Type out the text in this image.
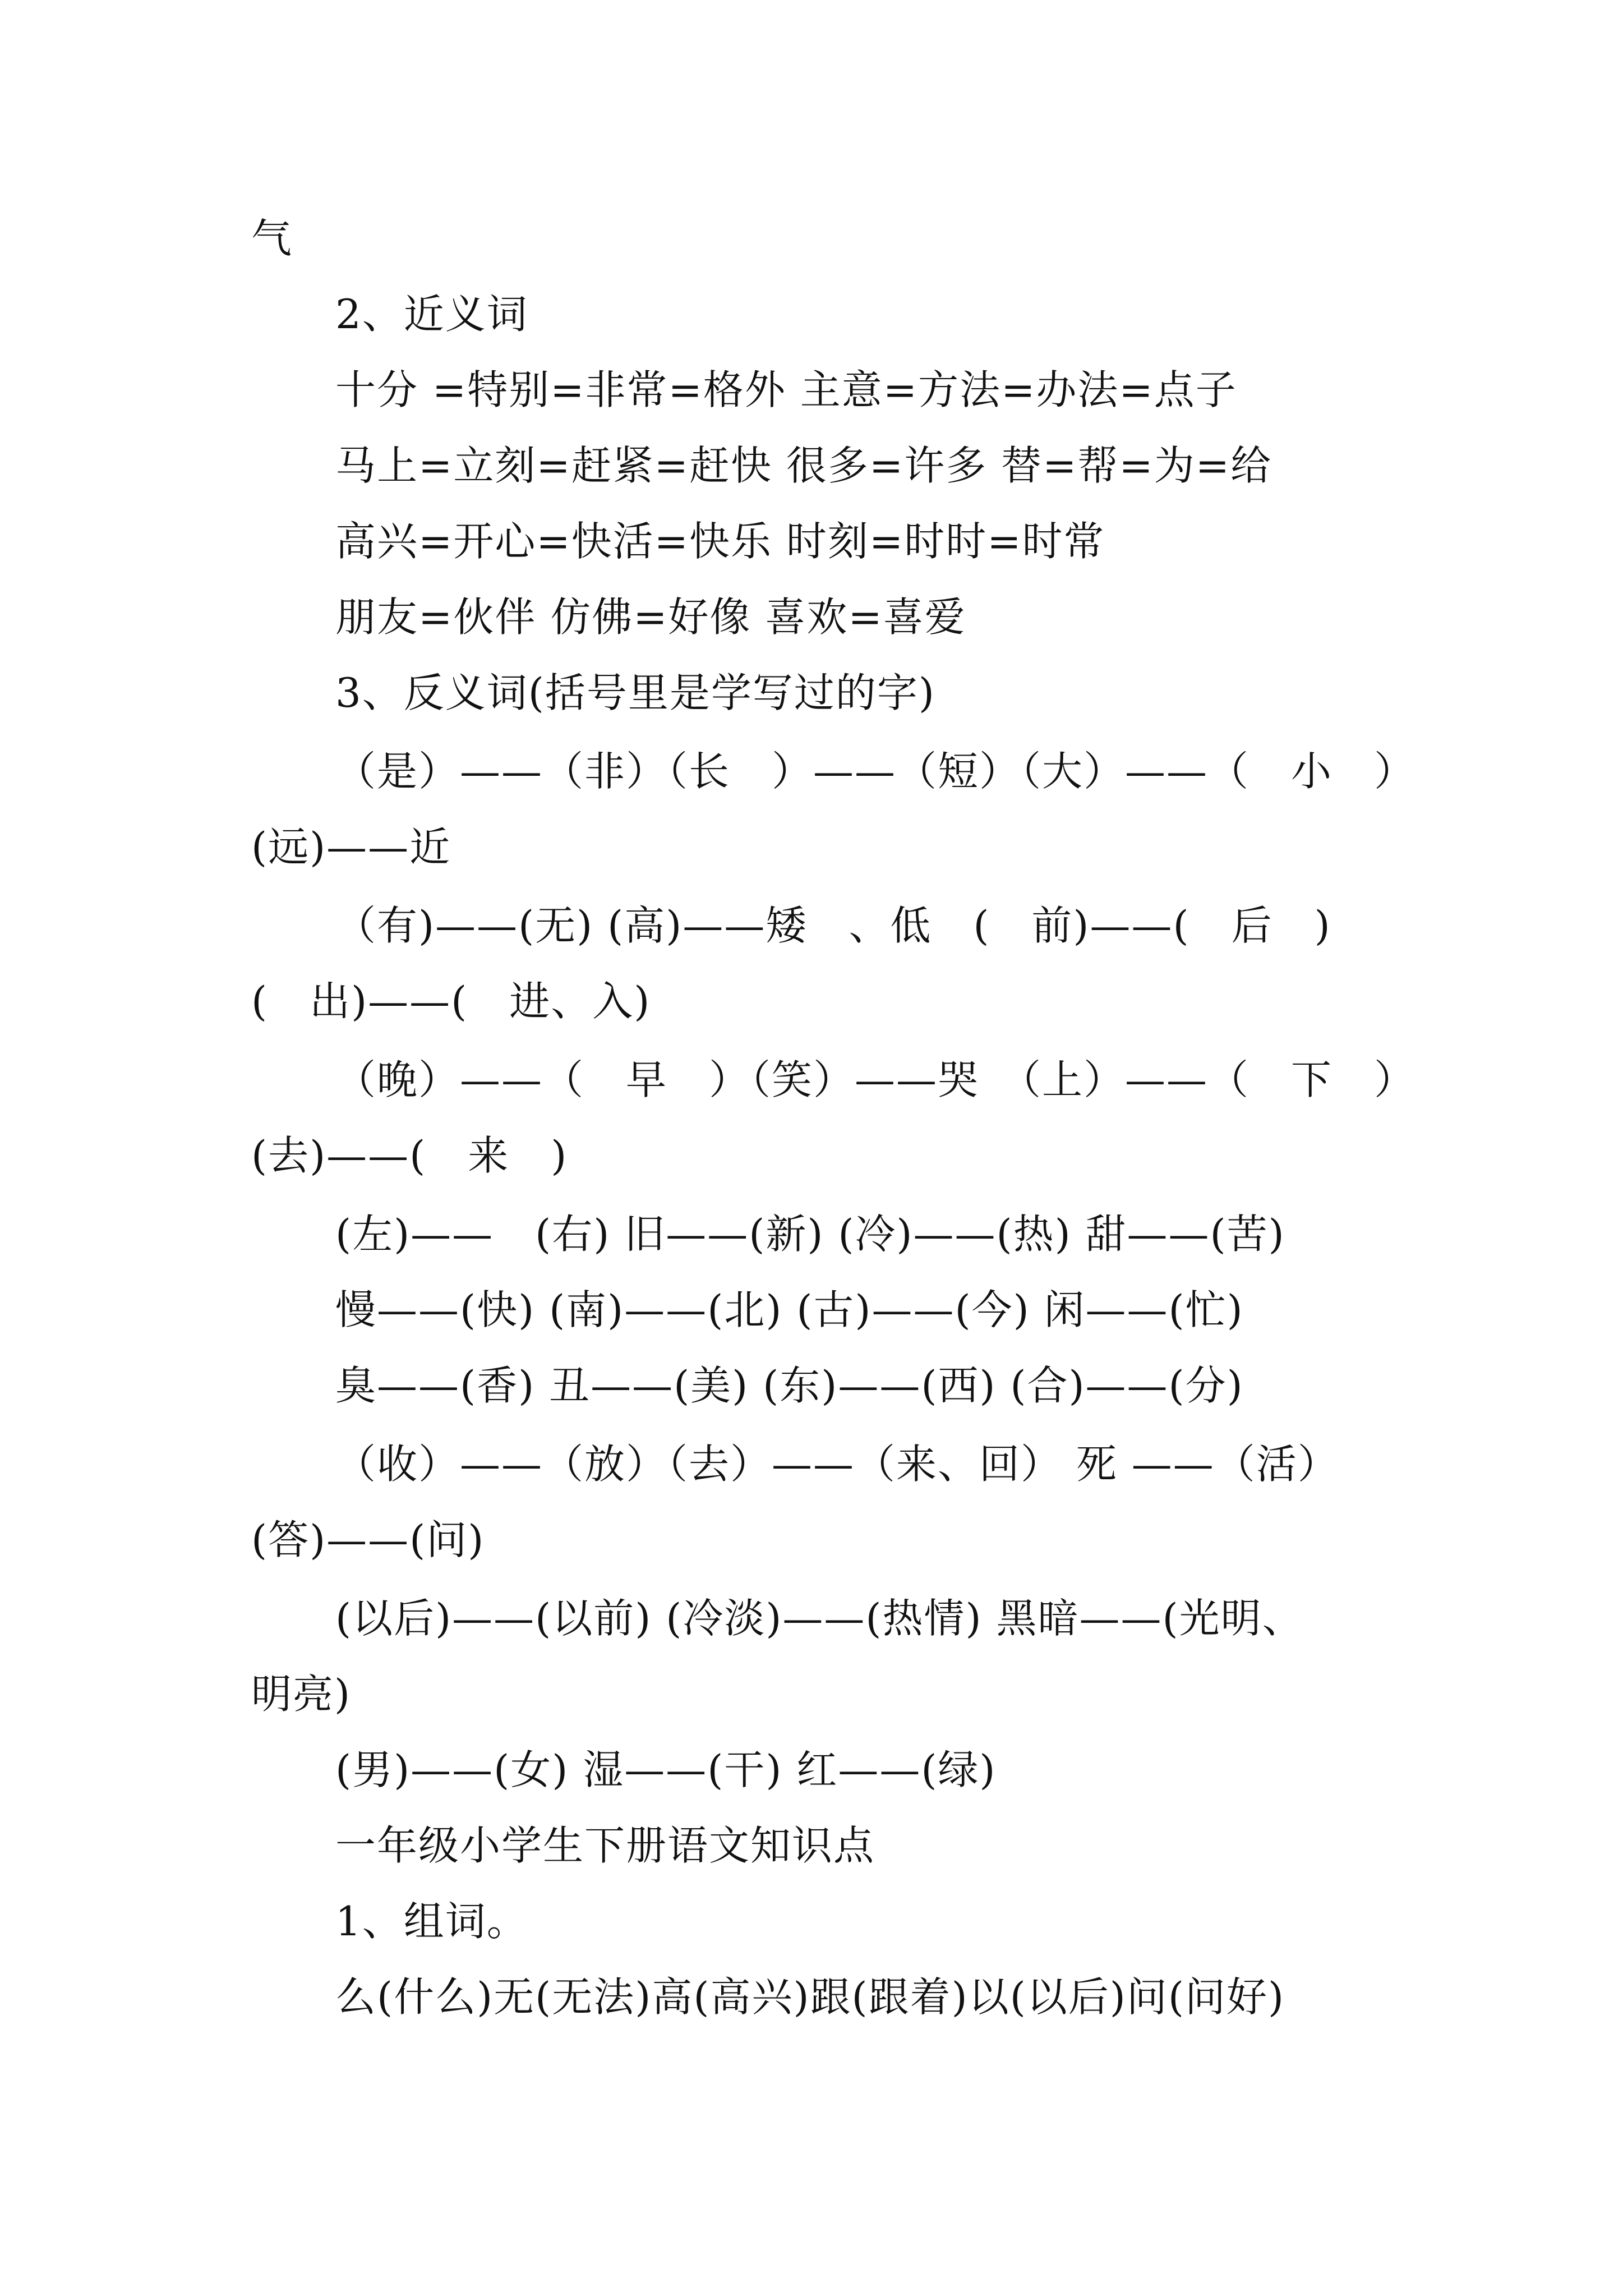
气
2、近义词
十分 =特别=非常=格外 主意=方法=办法=点子
马上=立刻=赶紧=赶快 很多=许多 替=帮=为=给
高兴=开心=快活=快乐 时刻=时时=时常
朋友=伙伴 仿佛=好像 喜欢=喜爱
3、反义词(括号里是学写过的字)
（是）——（非）（长　）——（短）（大）——（　小　）
(远)——近
（有)——(无) (高)——矮　、低　(　前)——(　后　)
(　出)——(　进、入)
（晚）——（　早　）（笑）——哭　（上）——（　下　）
(去)——(　来　)
(左)——　(右) 旧——(新) (冷)——(热) 甜——(苦)
慢——(快) (南)——(北) (古)——(今) 闲——(忙)
臭——(香) 丑——(美) (东)——(西) (合)——(分)
（收）——（放）（去）——（来、回） 死 ——（活）
(答)——(问)
(以后)——(以前) (冷淡)——(热情) 黑暗——(光明、
明亮)
(男)——(女) 湿——(干) 红——(绿)
一年级小学生下册语文知识点
1、组词。
么(什么)无(无法)高(高兴)跟(跟着)以(以后)问(问好)
